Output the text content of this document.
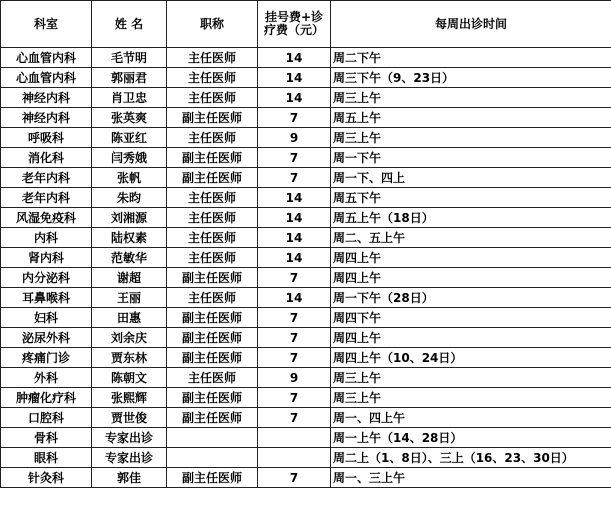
科室	姓 名	职称	挂号费+诊疗费（元）	每周出诊时间
心血管内科	毛节明	主任医师	14	周二下午
心血管内科	郭丽君	主任医师	14	周三下午（9、23日）
神经内科	肖卫忠	主任医师	14	周三上午
神经内科	张英爽	副主任医师	7	周五上午
呼吸科	陈亚红	主任医师	9	周三上午
消化科	闫秀娥	副主任医师	7	周一下午
老年内科	张帆	副主任医师	7	周一下、四上
老年内科	朱昀	主任医师	14	周五下午
风湿免疫科	刘湘源	主任医师	14	周五上午（18日）
内科	陆权素	主任医师	14	周二、五上午
肾内科	范敏华	主任医师	14	周四上午
内分泌科	谢超	副主任医师	7	周四上午
耳鼻喉科	王丽	主任医师	14	周一下午（28日）
妇科	田惠	副主任医师	7	周四下午
泌尿外科	刘余庆	副主任医师	7	周四上午
疼痛门诊	贾东林	副主任医师	7	周四上午（10、24日）
外科	陈朝文	主任医师	9	周三上午
肿瘤化疗科	张熙辉	副主任医师	7	周三上午
口腔科	贾世俊	副主任医师	7	周一、四上午
骨科	专家出诊			周一上午（14、28日）
眼科	专家出诊			周二上（1、8日）、三上（16、23、30日）
针灸科	郭佳	副主任医师	7	周一、三上午
